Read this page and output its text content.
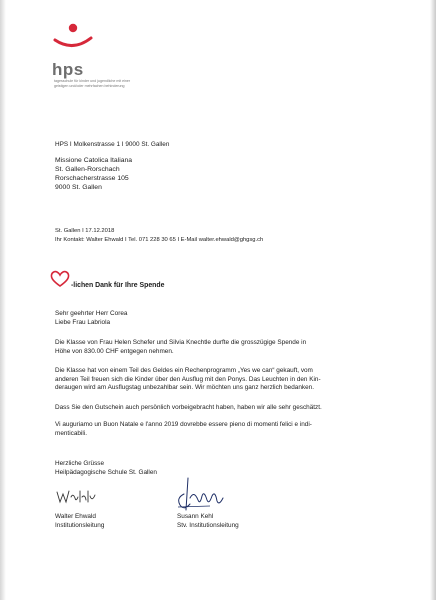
hps
tagesschule für kinder und jugendliche mit einer
geistigen und/oder mehrfachen behinderung
HPS I Molkenstrasse 1 I 9000 St. Gallen
Missione Catolica Italiana
St. Gallen-Rorschach
Rorschacherstrasse 105
9000 St. Gallen
St. Gallen I 17.12.2018
Ihr Kontakt: Walter Ehwald I Tel. 071 228 30 65 I E-Mail walter.ehwald@ghgsg.ch
-lichen Dank für Ihre Spende
Sehr geehrter Herr Corea
Liebe Frau Labriola
Die Klasse von Frau Helen Schefer und Silvia Knechtle durfte die grosszügige Spende in
Höhe von 830.00 CHF entgegen nehmen.
Die Klasse hat von einem Teil des Geldes ein Rechenprogramm „Yes we can“ gekauft, vom
anderen Teil freuen sich die Kinder über den Ausflug mit den Ponys. Das Leuchten in den Kin-
deraugen wird am Ausflugstag unbezahlbar sein. Wir möchten uns ganz herzlich bedanken.
Dass Sie den Gutschein auch persönlich vorbeigebracht haben, haben wir alle sehr geschätzt.
Vi auguriamo un Buon Natale e l'anno 2019 dovrebbe essere pieno di momenti felici e indi-
menticabili.
Herzliche Grüsse
Heilpädagogische Schule St. Gallen
Walter Ehwald
Institutionsleitung
Susann Kehl
Stv. Institutionsleitung
